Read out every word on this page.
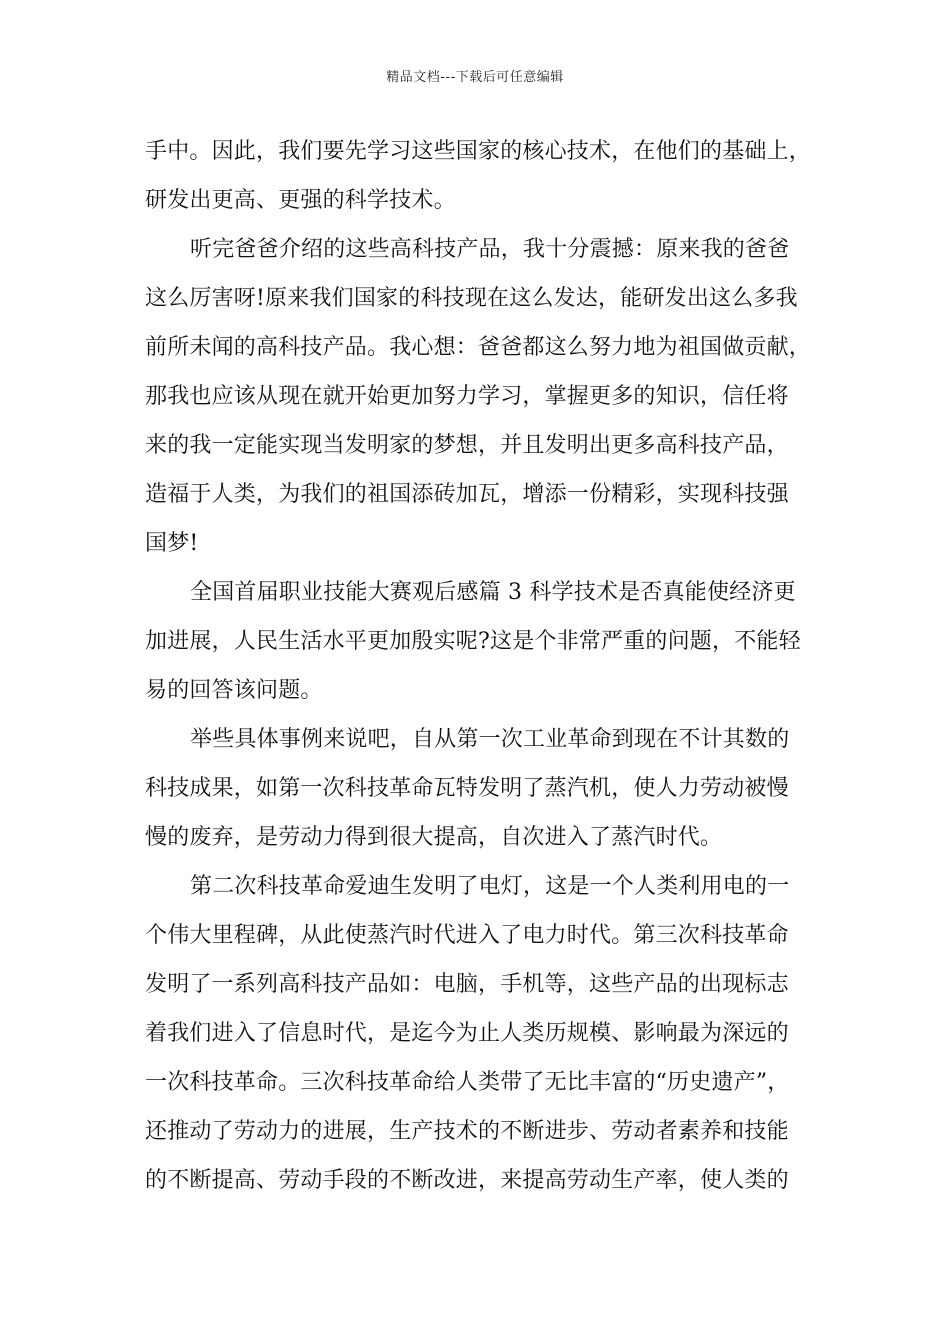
精品文档---下载后可任意编辑

手中。因此，我们要先学习这些国家的核心技术，在他们的基础上，
研发出更高、更强的科学技术。

听完爸爸介绍的这些高科技产品，我十分震撼：原来我的爸爸
这么厉害呀!原来我们国家的科技现在这么发达，能研发出这么多我
前所未闻的高科技产品。我心想：爸爸都这么努力地为祖国做贡献，
那我也应该从现在就开始更加努力学习，掌握更多的知识，信任将
来的我一定能实现当发明家的梦想，并且发明出更多高科技产品，
造福于人类，为我们的祖国添砖加瓦，增添一份精彩，实现科技强
国梦!

全国首届职业技能大赛观后感篇 3 科学技术是否真能使经济更
加进展，人民生活水平更加殷实呢?这是个非常严重的问题，不能轻
易的回答该问题。

举些具体事例来说吧，自从第一次工业革命到现在不计其数的
科技成果，如第一次科技革命瓦特发明了蒸汽机，使人力劳动被慢
慢的废弃，是劳动力得到很大提高，自次进入了蒸汽时代。

第二次科技革命爱迪生发明了电灯，这是一个人类利用电的一
个伟大里程碑，从此使蒸汽时代进入了电力时代。第三次科技革命
发明了一系列高科技产品如：电脑，手机等，这些产品的出现标志
着我们进入了信息时代，是迄今为止人类历规模、影响最为深远的
一次科技革命。三次科技革命给人类带了无比丰富的“历史遗产”，
还推动了劳动力的进展，生产技术的不断进步、劳动者素养和技能
的不断提高、劳动手段的不断改进，来提高劳动生产率，使人类的
